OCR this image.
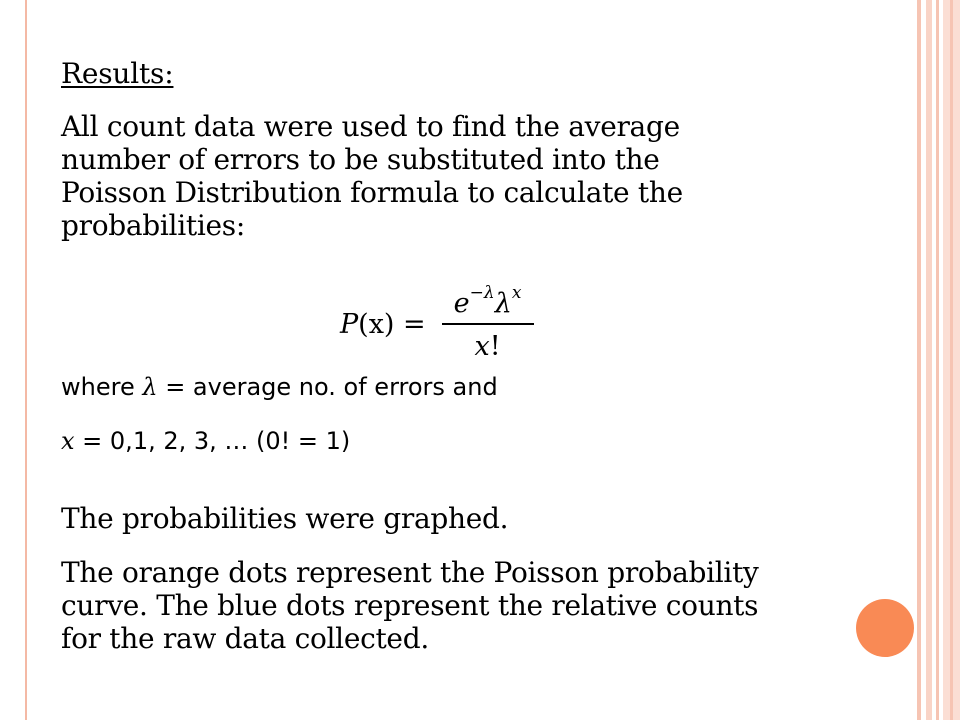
Results:
All count data were used to find the average
number of errors to be substituted into the
Poisson Distribution formula to calculate the
probabilities:
$P(x) = \frac{e^{-\lambda}\lambda^x}{x!}$
where λ = average no. of errors and
x = 0,1, 2, 3, … (0! = 1)
The probabilities were graphed.
The orange dots represent the Poisson probability
curve. The blue dots represent the relative counts
for the raw data collected.
